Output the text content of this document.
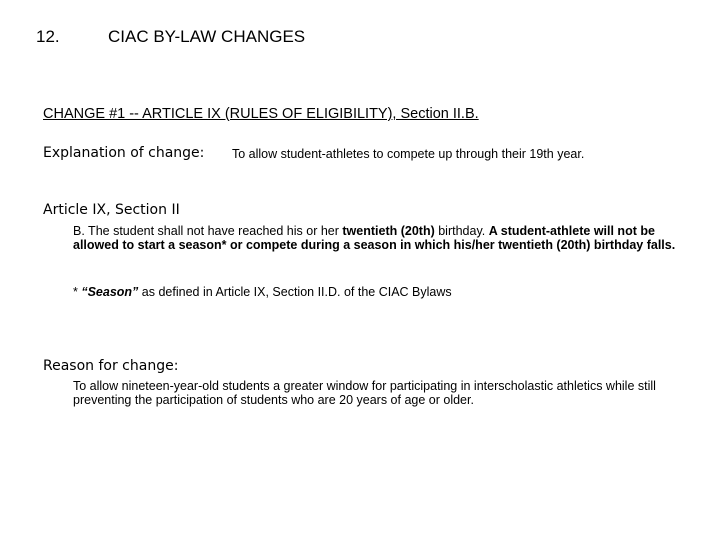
12.	CIAC BY-LAW CHANGES
CHANGE #1 -- ARTICLE IX (RULES OF ELIGIBILITY), Section II.B.
Explanation of change: To allow student-athletes to compete up through their 19th year.
Article IX, Section II
B. The student shall not have reached his or her twentieth (20th) birthday. A student-athlete will not be allowed to start a season* or compete during a season in which his/her twentieth (20th) birthday falls.
* “Season” as defined in Article IX, Section II.D. of the CIAC Bylaws
Reason for change:
To allow nineteen-year-old students a greater window for participating in interscholastic athletics while still preventing the participation of students who are 20 years of age or older.
